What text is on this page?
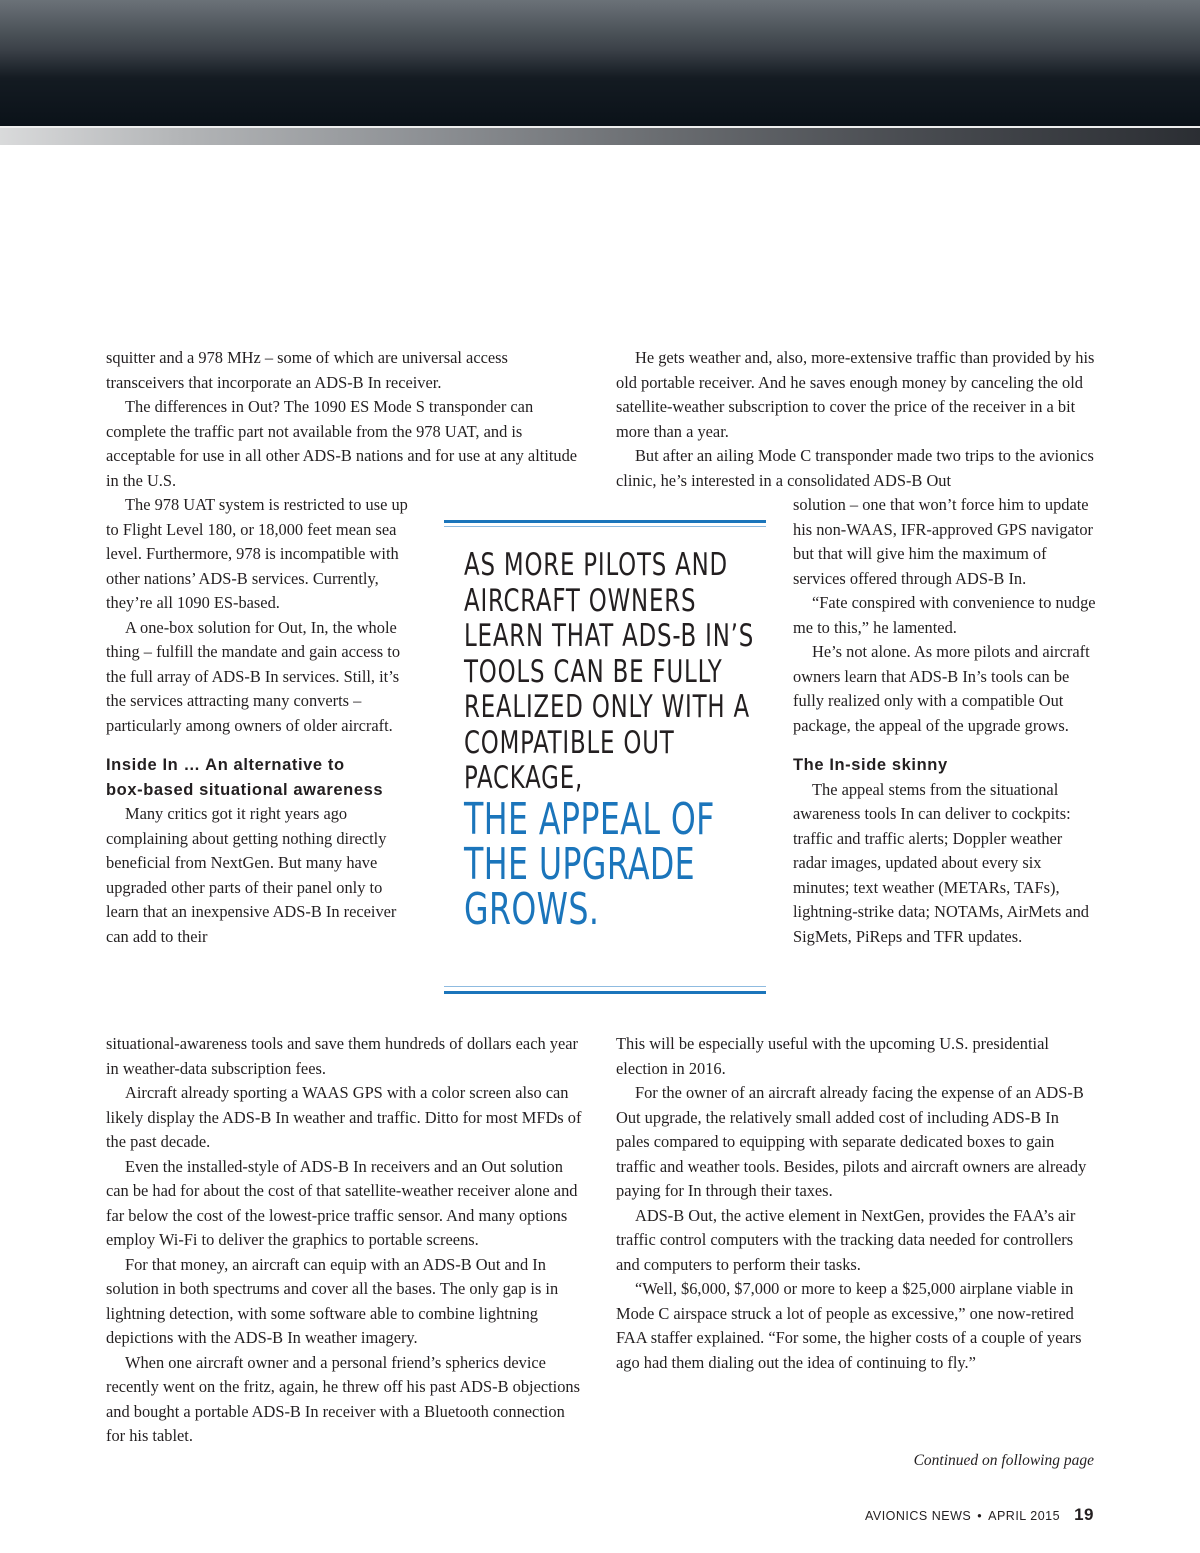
squitter and a 978 MHz – some of which are universal access transceivers that incorporate an ADS-B In receiver.

The differences in Out? The 1090 ES Mode S transponder can complete the traffic part not available from the 978 UAT, and is acceptable for use in all other ADS-B nations and for use at any altitude in the U.S.

The 978 UAT system is restricted to use up to Flight Level 180, or 18,000 feet mean sea level. Furthermore, 978 is incompatible with other nations’ ADS-B services. Currently, they’re all 1090 ES-based.

A one-box solution for Out, In, the whole thing – fulfill the mandate and gain access to the full array of ADS-B In services. Still, it’s the services attracting many converts – particularly among owners of older aircraft.

Inside In … An alternative to box-based situational awareness

Many critics got it right years ago complaining about getting nothing directly beneficial from NextGen. But many have upgraded other parts of their panel only to learn that an inexpensive ADS-B In receiver can add to their

situational-awareness tools and save them hundreds of dollars each year in weather-data subscription fees.

Aircraft already sporting a WAAS GPS with a color screen also can likely display the ADS-B In weather and traffic. Ditto for most MFDs of the past decade.

Even the installed-style of ADS-B In receivers and an Out solution can be had for about the cost of that satellite-weather receiver alone and far below the cost of the lowest-price traffic sensor. And many options employ Wi-Fi to deliver the graphics to portable screens.

For that money, an aircraft can equip with an ADS-B Out and In solution in both spectrums and cover all the bases. The only gap is in lightning detection, with some software able to combine lightning depictions with the ADS-B In weather imagery.

When one aircraft owner and a personal friend’s spherics device recently went on the fritz, again, he threw off his past ADS-B objections and bought a portable ADS-B In receiver with a Bluetooth connection for his tablet.

AS MORE PILOTS AND AIRCRAFT OWNERS LEARN THAT ADS-B IN’S TOOLS CAN BE FULLY REALIZED ONLY WITH A COMPATIBLE OUT PACKAGE,
THE APPEAL OF THE UPGRADE GROWS.

He gets weather and, also, more-extensive traffic than provided by his old portable receiver. And he saves enough money by canceling the old satellite-weather subscription to cover the price of the receiver in a bit more than a year.

But after an ailing Mode C transponder made two trips to the avionics clinic, he’s interested in a consolidated ADS-B Out

solution – one that won’t force him to update his non-WAAS, IFR-approved GPS navigator but that will give him the maximum of services offered through ADS-B In.

“Fate conspired with convenience to nudge me to this,” he lamented.

He’s not alone. As more pilots and aircraft owners learn that ADS-B In’s tools can be fully realized only with a compatible Out package, the appeal of the upgrade grows.

The In-side skinny

The appeal stems from the situational awareness tools In can deliver to cockpits: traffic and traffic alerts; Doppler weather radar images, updated about every six minutes; text weather (METARs, TAFs), lightning-strike data; NOTAMs, AirMets and SigMets, PiReps and TFR updates.

This will be especially useful with the upcoming U.S. presidential election in 2016.

For the owner of an aircraft already facing the expense of an ADS-B Out upgrade, the relatively small added cost of including ADS-B In pales compared to equipping with separate dedicated boxes to gain traffic and weather tools. Besides, pilots and aircraft owners are already paying for In through their taxes.

ADS-B Out, the active element in NextGen, provides the FAA’s air traffic control computers with the tracking data needed for controllers and computers to perform their tasks.

“Well, $6,000, $7,000 or more to keep a $25,000 airplane viable in Mode C airspace struck a lot of people as excessive,” one now-retired FAA staffer explained. “For some, the higher costs of a couple of years ago had them dialing out the idea of continuing to fly.”

Continued on following page
AVIONICS NEWS • APRIL 2015 19
